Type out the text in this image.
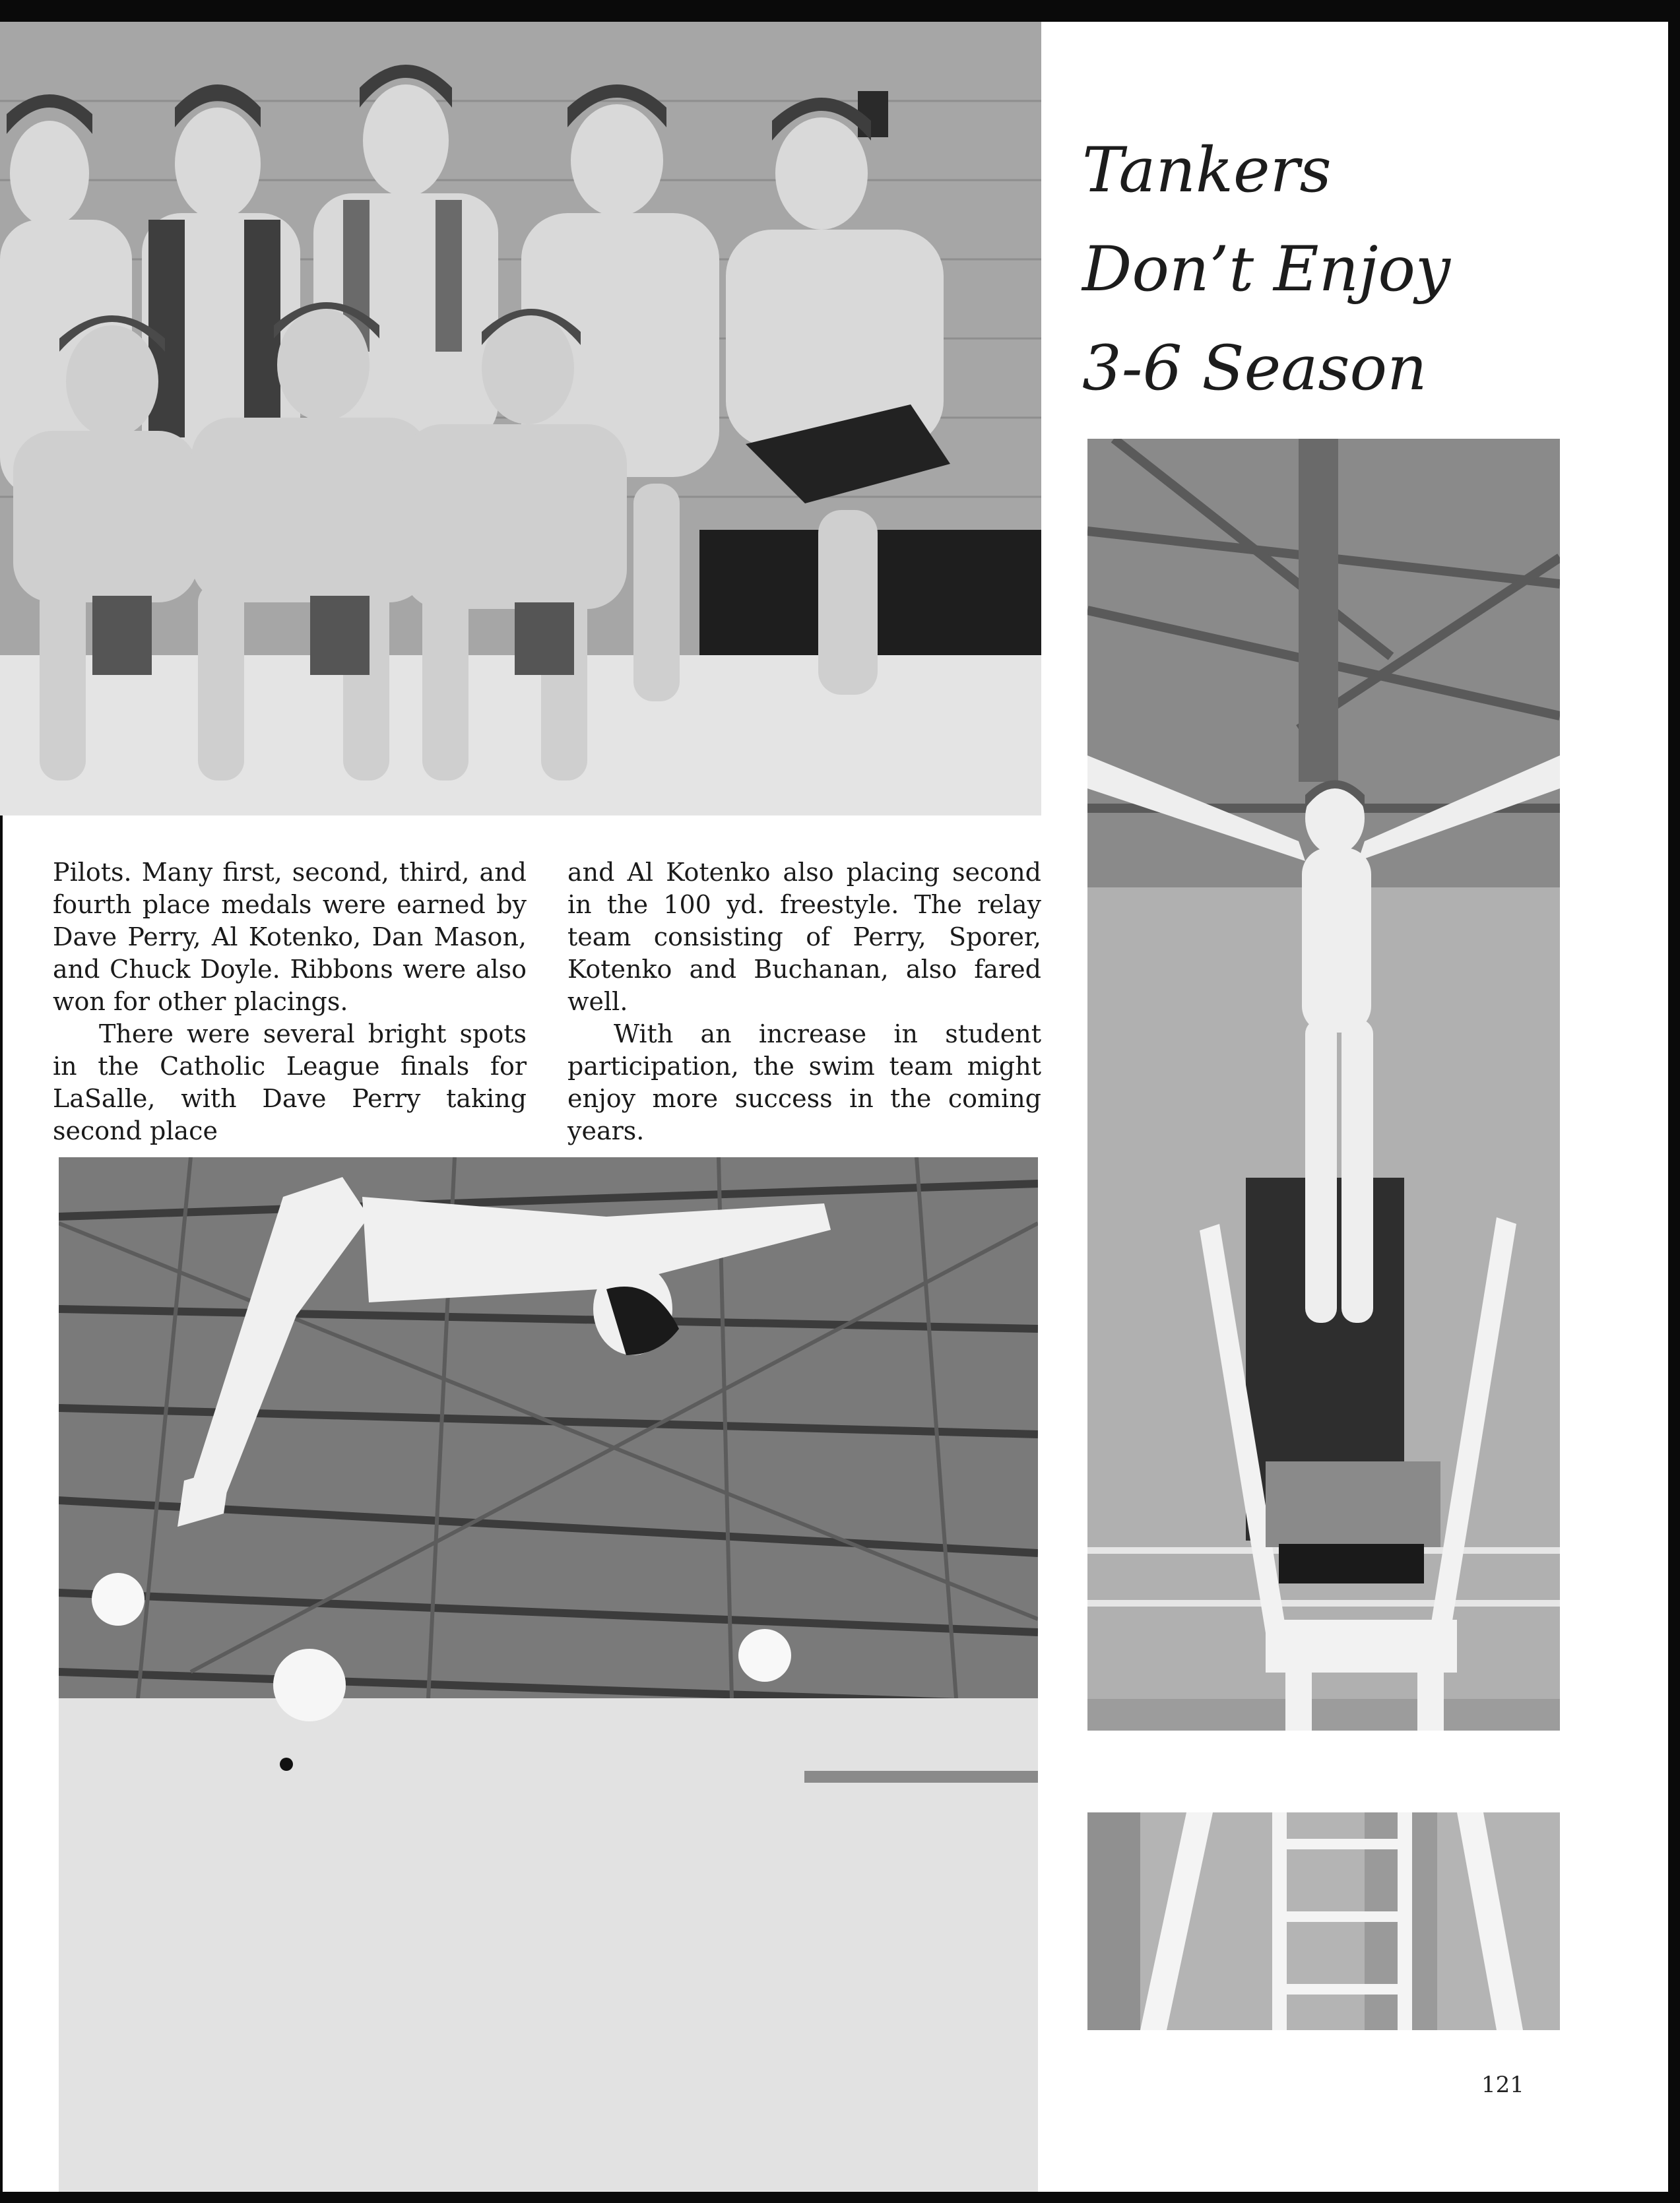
Tankers
Don’t Enjoy
3-6 Season

Pilots. Many first, second, third, and fourth place medals were earned by Dave Perry, Al Kotenko, Dan Mason, and Chuck Doyle. Ribbons were also won for other placings.

There were several bright spots in the Catholic League finals for LaSalle, with Dave Perry taking second place

and Al Kotenko also placing second in the 100 yd. freestyle. The relay team consisting of Perry, Sporer, Kotenko and Buchanan, also fared well.

With an increase in student participation, the swim team might enjoy more success in the coming years.

121
